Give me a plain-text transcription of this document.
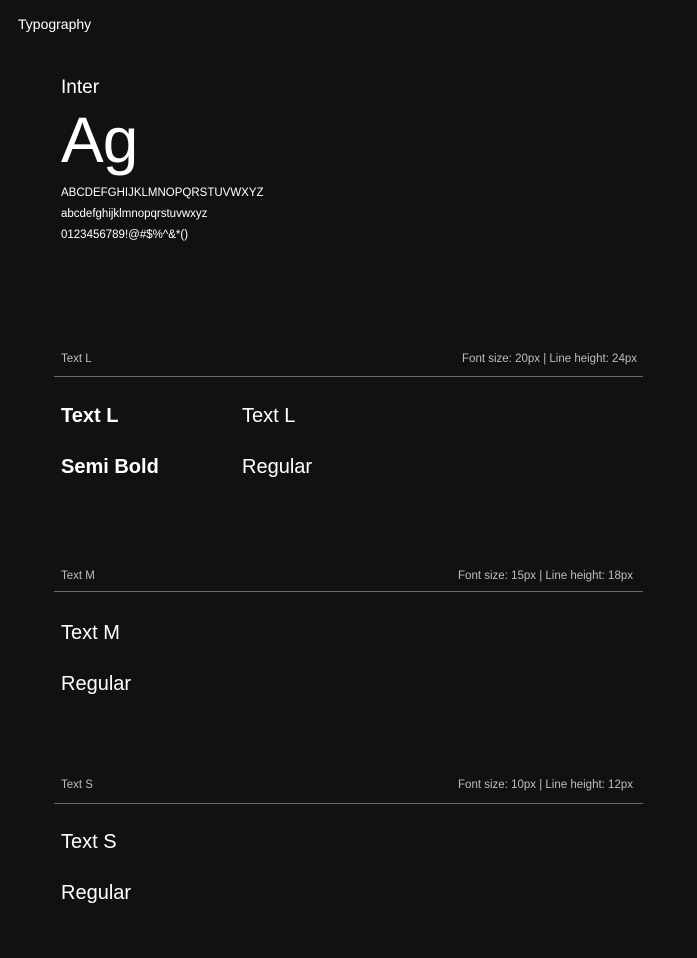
Typography
Inter
Ag
ABCDEFGHIJKLMNOPQRSTUVWXYZ
abcdefghijklmnopqrstuvwxyz
0123456789!@#$%^&*()
Text L	Font size: 20px | Line height: 24px
Text L	Text L
Semi Bold	Regular
Text M	Font size: 15px | Line height: 18px
Text M
Regular
Text S	Font size: 10px | Line height: 12px
Text S
Regular
